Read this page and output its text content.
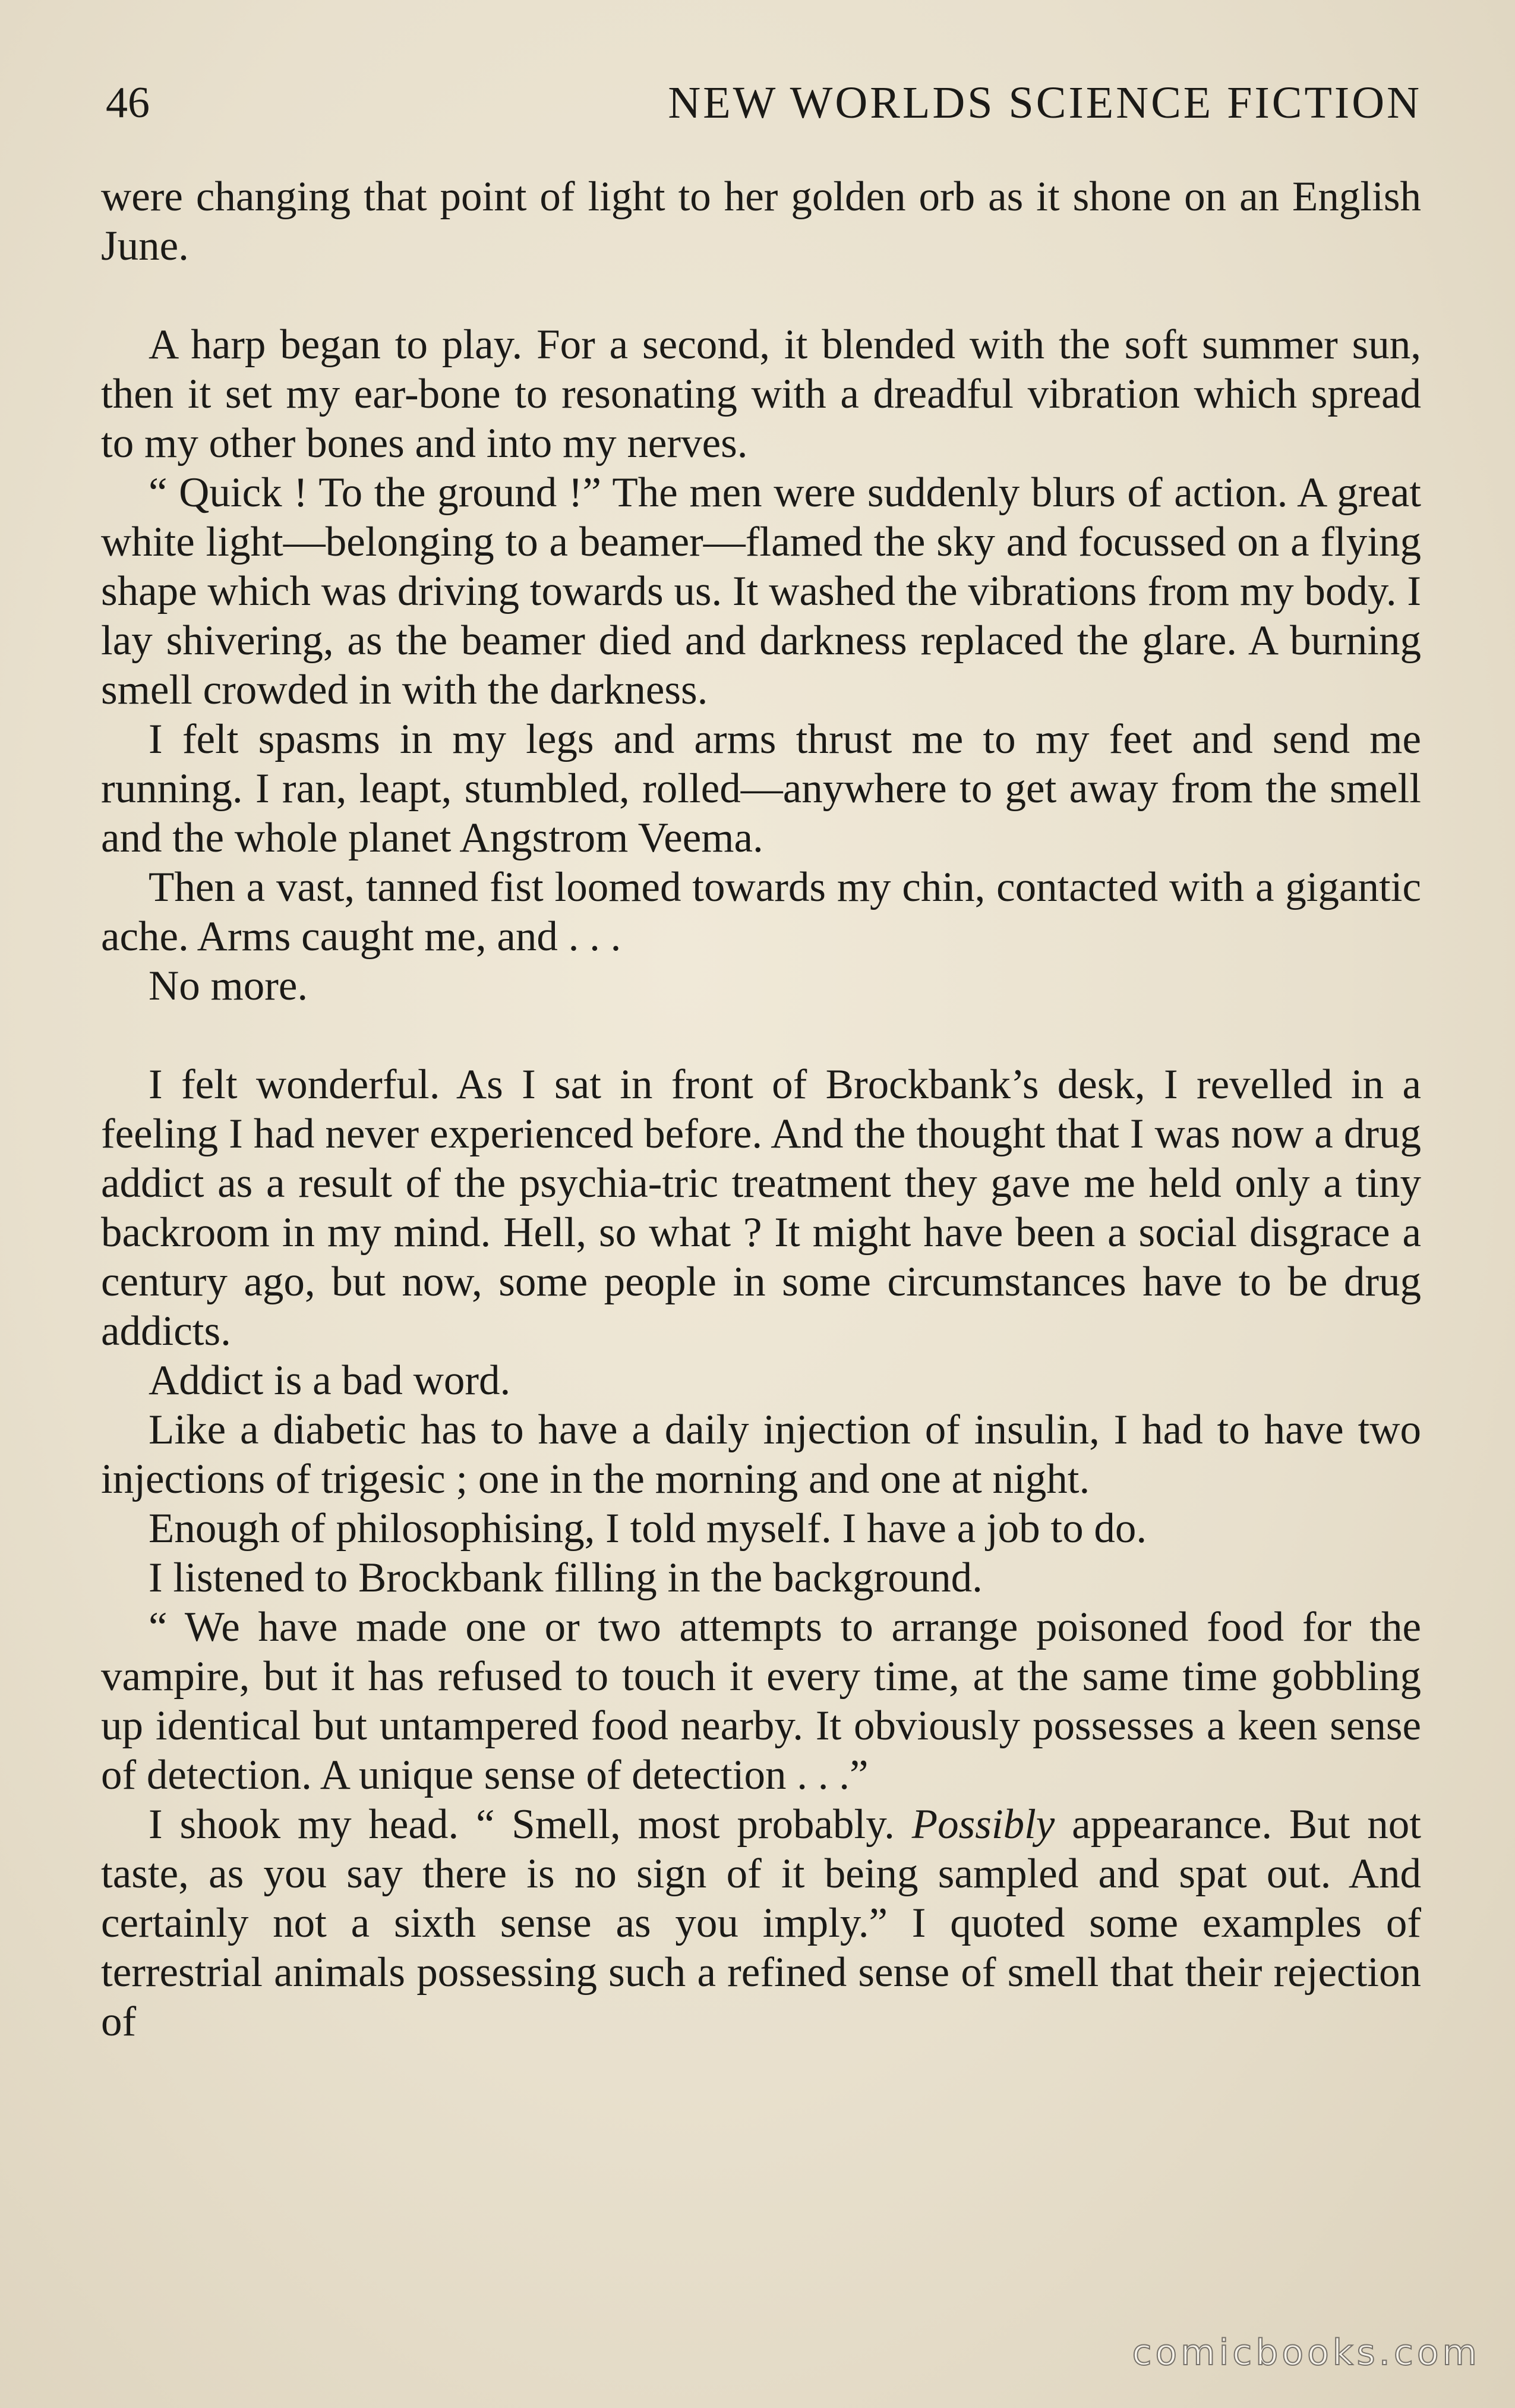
46	NEW WORLDS SCIENCE FICTION

were changing that point of light to her golden orb as it shone on an English June.

A harp began to play. For a second, it blended with the soft summer sun, then it set my ear-bone to resonating with a dreadful vibration which spread to my other bones and into my nerves.

“ Quick ! To the ground !” The men were suddenly blurs of action. A great white light—belonging to a beamer—flamed the sky and focussed on a flying shape which was driving towards us. It washed the vibrations from my body. I lay shivering, as the beamer died and darkness replaced the glare. A burning smell crowded in with the darkness.

I felt spasms in my legs and arms thrust me to my feet and send me running. I ran, leapt, stumbled, rolled—anywhere to get away from the smell and the whole planet Angstrom Veema.

Then a vast, tanned fist loomed towards my chin, contacted with a gigantic ache. Arms caught me, and . . .

No more.

I felt wonderful. As I sat in front of Brockbank’s desk, I revelled in a feeling I had never experienced before. And the thought that I was now a drug addict as a result of the psychia-tric treatment they gave me held only a tiny backroom in my mind. Hell, so what ? It might have been a social disgrace a century ago, but now, some people in some circumstances have to be drug addicts.

Addict is a bad word.

Like a diabetic has to have a daily injection of insulin, I had to have two injections of trigesic ; one in the morning and one at night.

Enough of philosophising, I told myself. I have a job to do.

I listened to Brockbank filling in the background.

“ We have made one or two attempts to arrange poisoned food for the vampire, but it has refused to touch it every time, at the same time gobbling up identical but untampered food nearby. It obviously possesses a keen sense of detection. A unique sense of detection . . .”

I shook my head. “ Smell, most probably. Possibly appearance. But not taste, as you say there is no sign of it being sampled and spat out. And certainly not a sixth sense as you imply.” I quoted some examples of terrestrial animals possessing such a refined sense of smell that their rejection of

comicbooks.com
